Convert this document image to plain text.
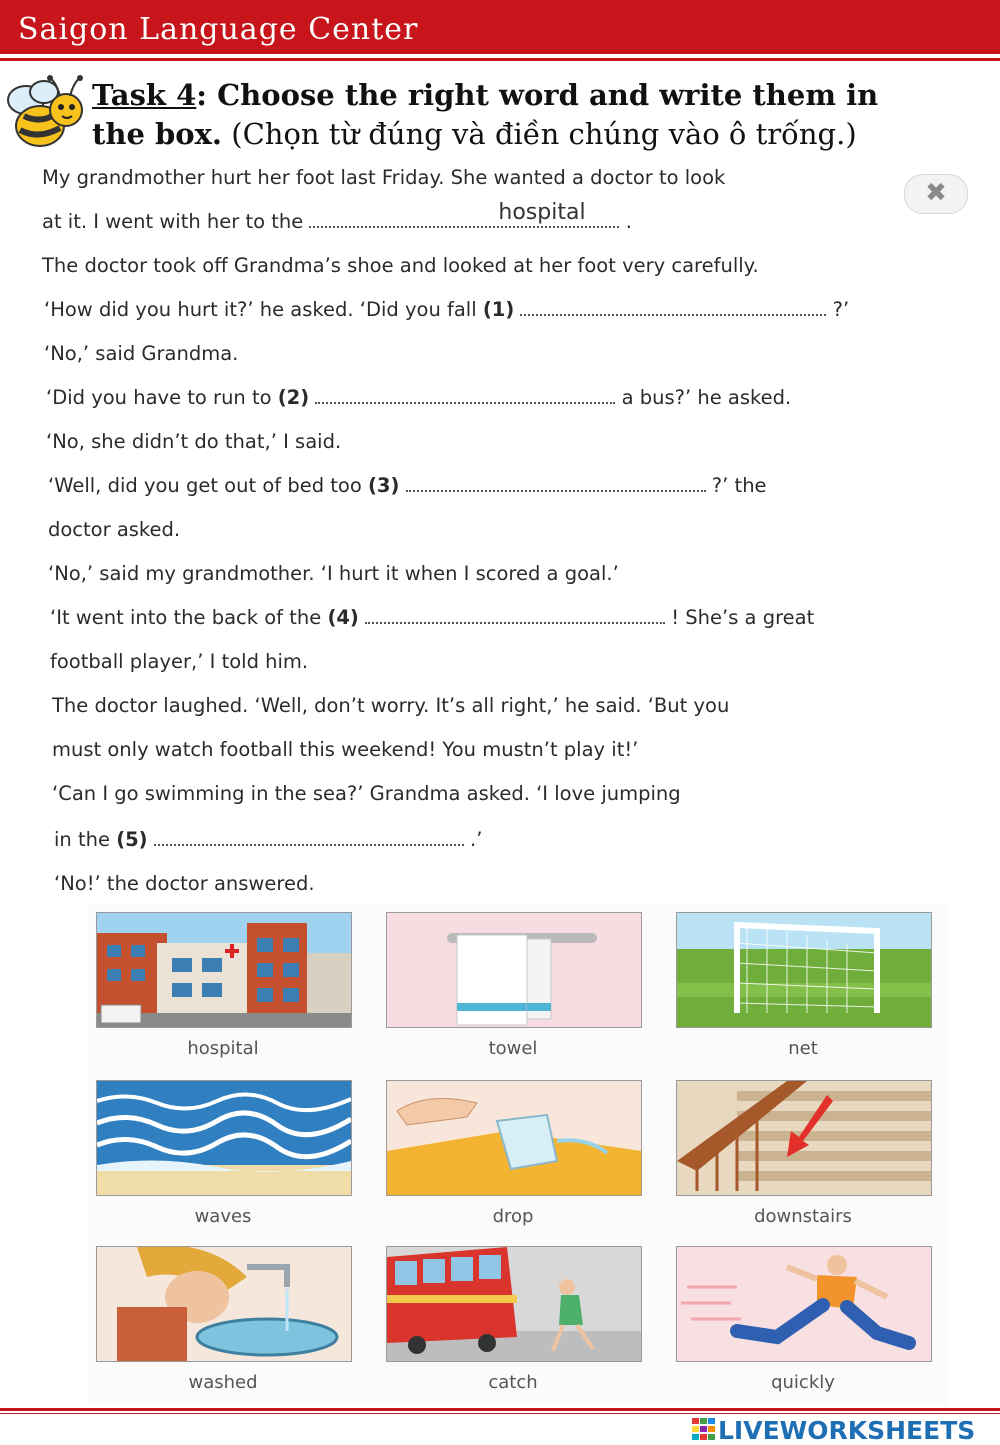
Saigon Language Center
Task 4: Choose the right word and write them in
the box. (Chọn từ đúng và điền chúng vào ô trống.)
✖
My grandmother hurt her foot last Friday. She wanted a doctor to look
at it. I went with her to the	.
hospital
The doctor took off Grandma’s shoe and looked at her foot very carefully.
‘How did you hurt it?’ he asked. ‘Did you fall (1)	?’
‘No,’ said Grandma.
‘Did you have to run to (2)	a bus?’ he asked.
‘No, she didn’t do that,’ I said.
‘Well, did you get out of bed too (3)	?’ the
doctor asked.
‘No,’ said my grandmother. ‘I hurt it when I scored a goal.’
‘It went into the back of the (4)	! She’s a great
football player,’ I told him.
The doctor laughed. ‘Well, don’t worry. It’s all right,’ he said. ‘But you
must only watch football this weekend! You mustn’t play it!’
‘Can I go swimming in the sea?’ Grandma asked. ‘I love jumping
in the (5)	.’
‘No!’ the doctor answered.
hospital	towel	net
waves	drop	downstairs
washed	catch	quickly
LIVEWORKSHEETS
